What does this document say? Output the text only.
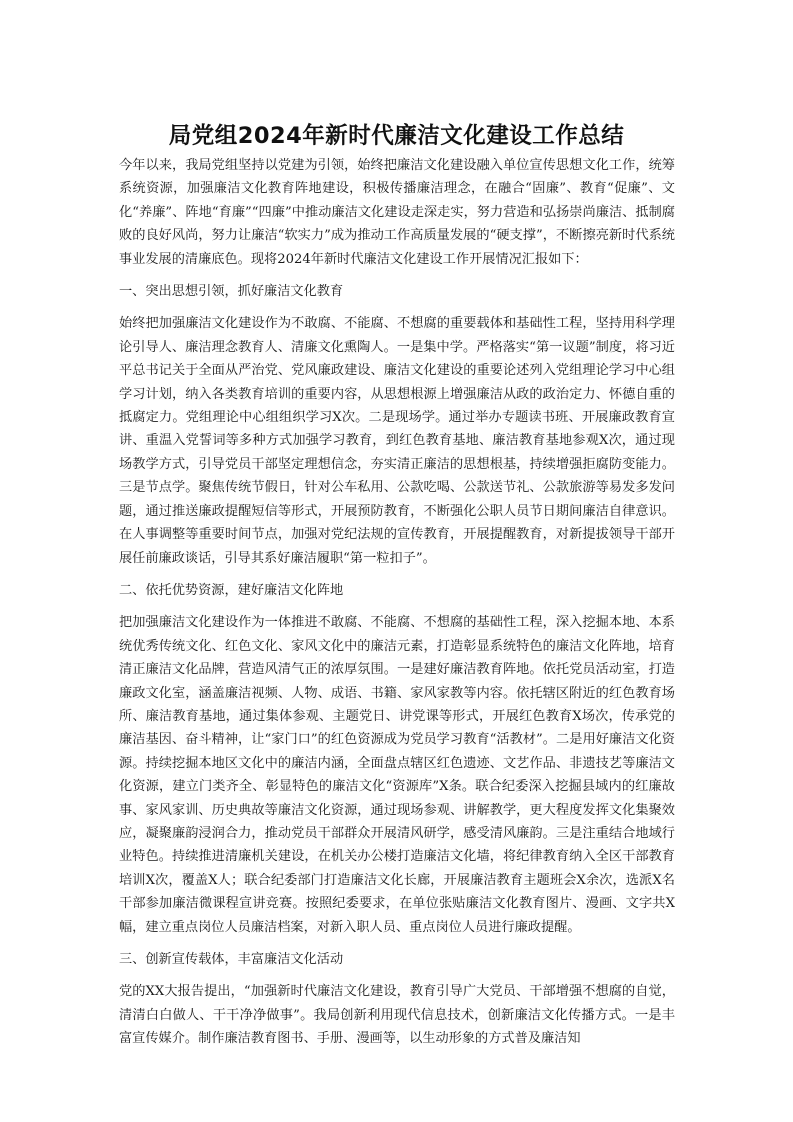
局党组2024年新时代廉洁文化建设工作总结

今年以来，我局党组坚持以党建为引领，始终把廉洁文化建设融入单位宣传思想文化工作，统筹系统资源，加强廉洁文化教育阵地建设，积极传播廉洁理念，在融合“固廉”、教育“促廉”、文化“养廉”、阵地“育廉”“四廉”中推动廉洁文化建设走深走实，努力营造和弘扬崇尚廉洁、抵制腐败的良好风尚，努力让廉洁“软实力”成为推动工作高质量发展的“硬支撑”，不断擦亮新时代系统事业发展的清廉底色。现将2024年新时代廉洁文化建设工作开展情况汇报如下：

一、突出思想引领，抓好廉洁文化教育

始终把加强廉洁文化建设作为不敢腐、不能腐、不想腐的重要载体和基础性工程，坚持用科学理论引导人、廉洁理念教育人、清廉文化熏陶人。一是集中学。严格落实“第一议题”制度，将习近平总书记关于全面从严治党、党风廉政建设、廉洁文化建设的重要论述列入党组理论学习中心组学习计划，纳入各类教育培训的重要内容，从思想根源上增强廉洁从政的政治定力、怀德自重的抵腐定力。党组理论中心组组织学习X次。二是现场学。通过举办专题读书班、开展廉政教育宣讲、重温入党誓词等多种方式加强学习教育，到红色教育基地、廉洁教育基地参观X次，通过现场教学方式，引导党员干部坚定理想信念，夯实清正廉洁的思想根基，持续增强拒腐防变能力。三是节点学。聚焦传统节假日，针对公车私用、公款吃喝、公款送节礼、公款旅游等易发多发问题，通过推送廉政提醒短信等形式，开展预防教育，不断强化公职人员节日期间廉洁自律意识。在人事调整等重要时间节点，加强对党纪法规的宣传教育，开展提醒教育，对新提拔领导干部开展任前廉政谈话，引导其系好廉洁履职“第一粒扣子”。

二、依托优势资源，建好廉洁文化阵地

把加强廉洁文化建设作为一体推进不敢腐、不能腐、不想腐的基础性工程，深入挖掘本地、本系统优秀传统文化、红色文化、家风文化中的廉洁元素，打造彰显系统特色的廉洁文化阵地，培育清正廉洁文化品牌，营造风清气正的浓厚氛围。一是建好廉洁教育阵地。依托党员活动室，打造廉政文化室，涵盖廉洁视频、人物、成语、书籍、家风家教等内容。依托辖区附近的红色教育场所、廉洁教育基地，通过集体参观、主题党日、讲党课等形式，开展红色教育X场次，传承党的廉洁基因、奋斗精神，让“家门口”的红色资源成为党员学习教育“活教材”。二是用好廉洁文化资源。持续挖掘本地区文化中的廉洁内涵，全面盘点辖区红色遗迹、文艺作品、非遗技艺等廉洁文化资源，建立门类齐全、彰显特色的廉洁文化“资源库”X条。联合纪委深入挖掘县域内的红廉故事、家风家训、历史典故等廉洁文化资源，通过现场参观、讲解教学，更大程度发挥文化集聚效应，凝聚廉韵浸润合力，推动党员干部群众开展清风研学，感受清风廉韵。三是注重结合地域行业特色。持续推进清廉机关建设，在机关办公楼打造廉洁文化墙，将纪律教育纳入全区干部教育培训X次，覆盖X人；联合纪委部门打造廉洁文化长廊，开展廉洁教育主题班会X余次，选派X名干部参加廉洁微课程宣讲竞赛。按照纪委要求，在单位张贴廉洁文化教育图片、漫画、文字共X幅，建立重点岗位人员廉洁档案，对新入职人员、重点岗位人员进行廉政提醒。

三、创新宣传载体，丰富廉洁文化活动

党的XX大报告提出，“加强新时代廉洁文化建设，教育引导广大党员、干部增强不想腐的自觉，清清白白做人、干干净净做事”。我局创新利用现代信息技术，创新廉洁文化传播方式。一是丰富宣传媒介。制作廉洁教育图书、手册、漫画等，以生动形象的方式普及廉洁知
